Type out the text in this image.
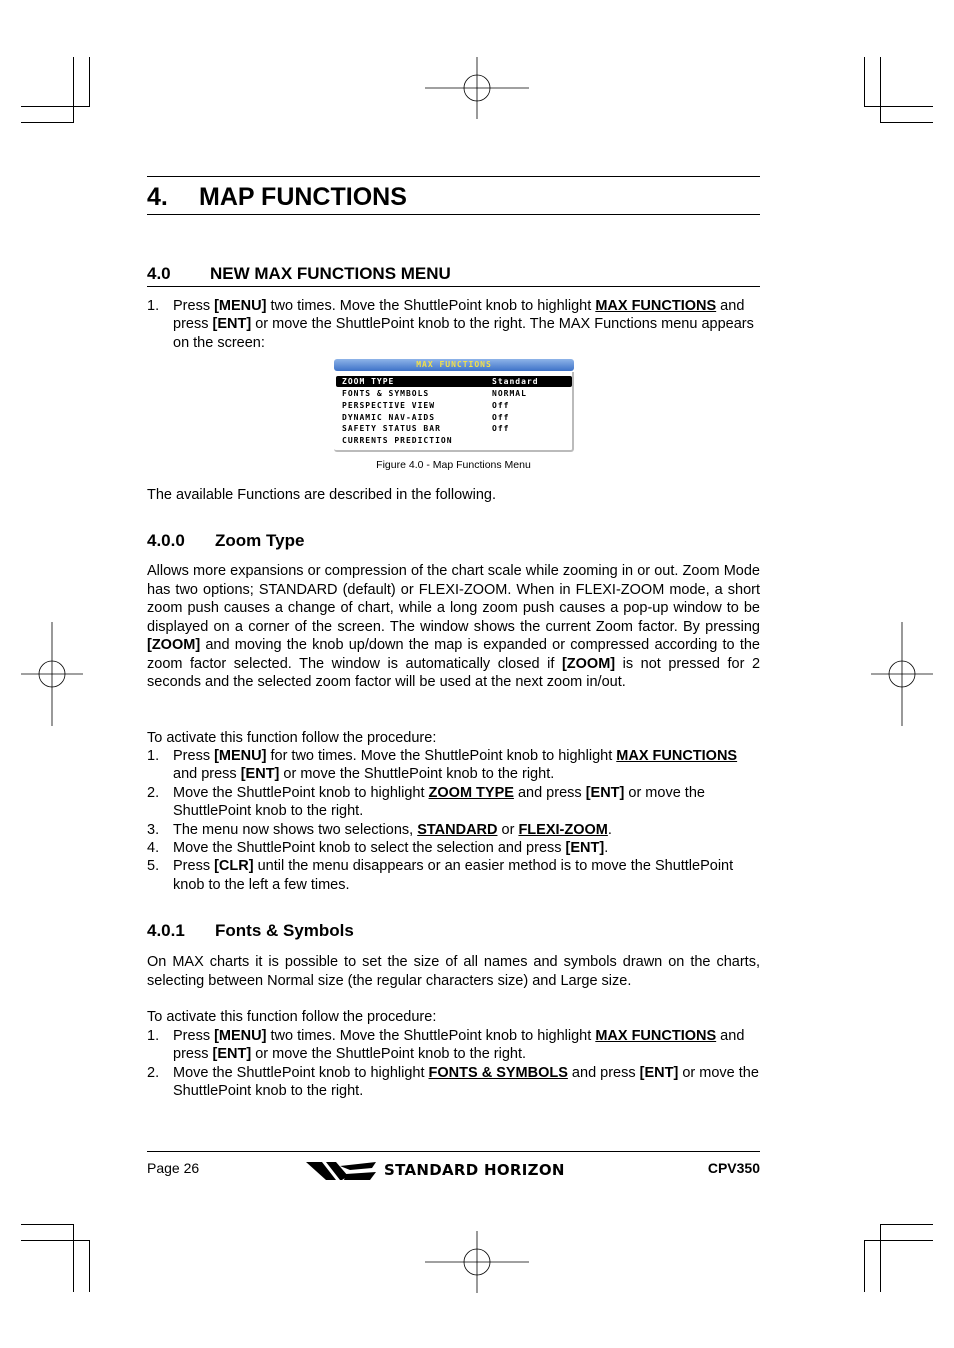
4. MAP FUNCTIONS
4.0 NEW MAX FUNCTIONS MENU
1. Press [MENU] two times. Move the ShuttlePoint knob to highlight MAX FUNCTIONS and press [ENT] or move the ShuttlePoint knob to the right. The MAX Functions menu appears on the screen:
MAX FUNCTIONS
ZOOM TYPE	Standard
FONTS & SYMBOLS	NORMAL
PERSPECTIVE VIEW	Off
DYNAMIC NAV-AIDS	Off
SAFETY STATUS BAR	Off
CURRENTS PREDICTION
Figure 4.0 - Map Functions Menu
The available Functions are described in the following.
4.0.0 Zoom Type
Allows more expansions or compression of the chart scale while zooming in or out. Zoom Mode has two options; STANDARD (default) or FLEXI-ZOOM. When in FLEXI-ZOOM mode, a short zoom push causes a change of chart, while a long zoom push causes a pop-up window to be displayed on a corner of the screen. The window shows the current Zoom factor. By pressing [ZOOM] and moving the knob up/down the map is expanded or compressed according to the zoom factor selected. The window is automatically closed if [ZOOM] is not pressed for 2 seconds and the selected zoom factor will be used at the next zoom in/out.
To activate this function follow the procedure:
1. Press [MENU] for two times. Move the ShuttlePoint knob to highlight MAX FUNCTIONS and press [ENT] or move the ShuttlePoint knob to the right.
2. Move the ShuttlePoint knob to highlight ZOOM TYPE and press [ENT] or move the ShuttlePoint knob to the right.
3. The menu now shows two selections, STANDARD or FLEXI-ZOOM.
4. Move the ShuttlePoint knob to select the selection and press [ENT].
5. Press [CLR] until the menu disappears or an easier method is to move the ShuttlePoint knob to the left a few times.
4.0.1 Fonts & Symbols
On MAX charts it is possible to set the size of all names and symbols drawn on the charts, selecting between Normal size (the regular characters size) and Large size.
To activate this function follow the procedure:
1. Press [MENU] two times. Move the ShuttlePoint knob to highlight MAX FUNCTIONS and press [ENT] or move the ShuttlePoint knob to the right.
2. Move the ShuttlePoint knob to highlight FONTS & SYMBOLS and press [ENT] or move the ShuttlePoint knob to the right.
Page 26	STANDARD HORIZON	CPV350
